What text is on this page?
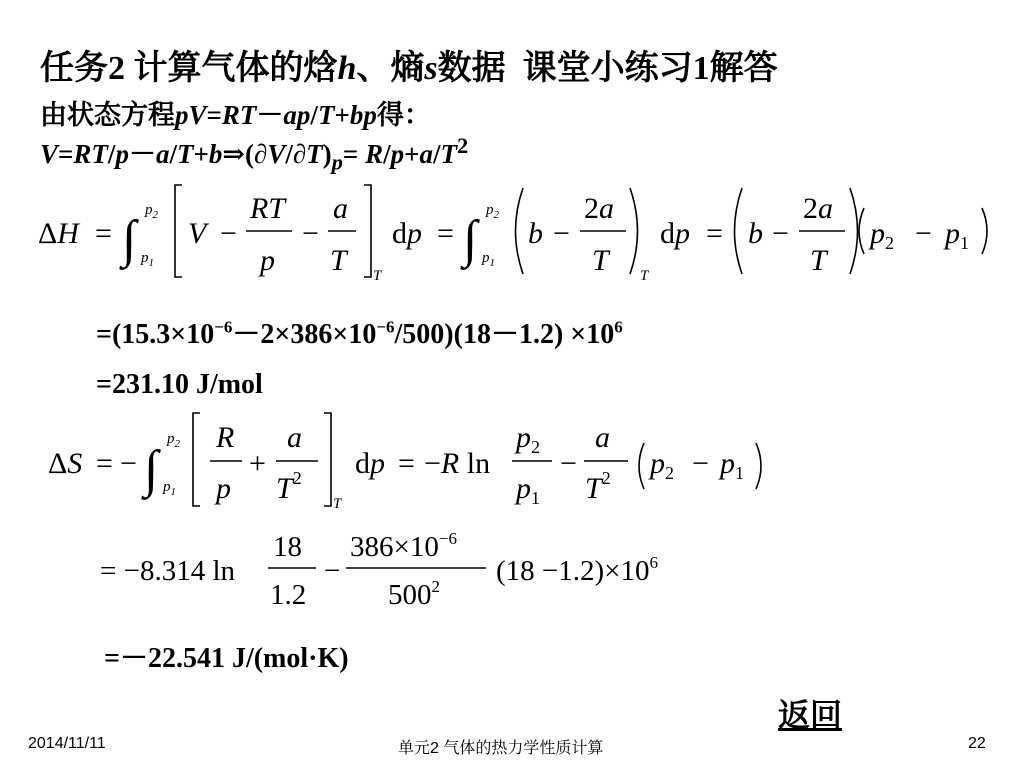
任务2 计算气体的焓h、熵s数据  课堂小练习1解答
由状态方程pV=RT－ap/T+bp得：
$V=RT/p-a/T+b\Rightarrow(\partial V/\partial T)_p= R/p+a/T^2$
ΔH = ∫
$p_2$
$p_1$
V −
RT
p
−
a
T T
dp = ∫
$p_2$
$p_1$
b −
2a
T T
dp = b −
2a
T
$p_2 - p_1$
ΔS = − ∫
$p_2$
$p_1$
R
p
+
a
$T^2$
T
dp = −R ln
$p_2$
$p_1$
−
a
$T^2$ $p_2 - p_1$
= −8.314 ln
18
1.2
−
$386\times 10^{-6}$
$500^2$ $(18 -1.2)\times 10^6$
$=(15.3\times 10^{-6}-2\times 386\times 10^{-6}/500)(18-1.2) \times 10^6$
=231.10 J/mol
=－22.541 J/(mol·K)
返回
2014/11/11	单元2 气体的热力学性质计算	22
